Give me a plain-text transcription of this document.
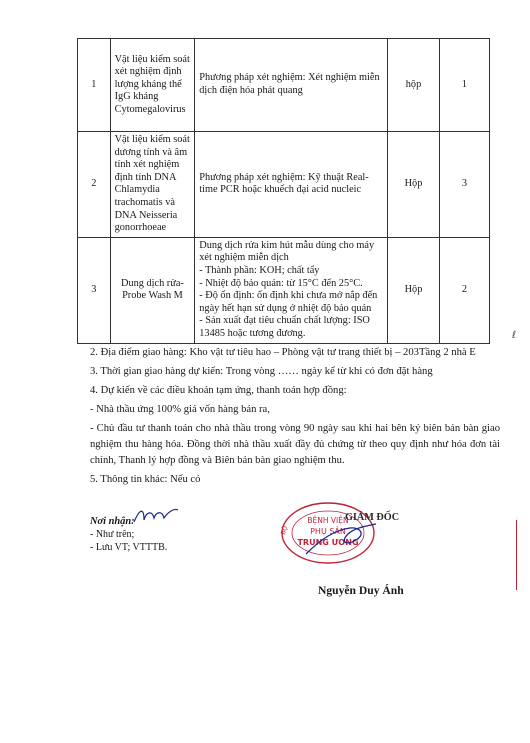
1	Vật liệu kiểm soát xét nghiệm định lượng kháng thể IgG kháng Cytomegalovirus	Phương pháp xét nghiệm: Xét nghiệm miễn dịch điện hóa phát quang	hộp	1
2	Vật liệu kiểm soát dương tính và âm tính xét nghiệm định tính DNA Chlamydia trachomatis và DNA Neisseria gonorrhoeae	Phương pháp xét nghiệm: Kỹ thuật Real-time PCR hoặc khuếch đại acid nucleic	Hộp	3
3	Dung dịch rửa-Probe Wash M	Dung dịch rửa kim hút mẫu dùng cho máy xét nghiệm miễn dịch
- Thành phần: KOH; chất tẩy
- Nhiệt độ bảo quản: từ 15°C đến 25°C.
- Độ ổn định: ổn định khi chưa mở nắp đến ngày hết hạn sử dụng ở nhiệt độ bảo quản
- Sản xuất đạt tiêu chuẩn chất lượng: ISO 13485 hoặc tương đương.	Hộp	2

2. Địa điểm giao hàng: Kho vật tư tiêu hao – Phòng vật tư trang thiết bị – 203Tầng 2 nhà E

3. Thời gian giao hàng dự kiến: Trong vòng …… ngày kể từ khi có đơn đặt hàng

4. Dự kiến về các điều khoản tạm ứng, thanh toán hợp đồng:

- Nhà thầu ứng 100% giá vốn hàng bán ra,

- Chủ đầu tư thanh toán cho nhà thầu trong vòng 90 ngày sau khi hai bên ký biên bản bàn giao nghiệm thu hàng hóa. Đồng thời nhà thầu xuất đầy đủ chứng từ theo quy định như hóa đơn tài chính, Thanh lý hợp đồng và Biên bản bàn giao nghiệm thu.

5. Thông tin khác: Nếu có

Nơi nhận:
- Như trên;
- Lưu VT; VTTTB.
BỆNH VIỆN
PHỤ SẢN
TRUNG ƯƠNG
BỘ
GIÁM ĐỐC
Nguyễn Duy Ánh
ℓ
